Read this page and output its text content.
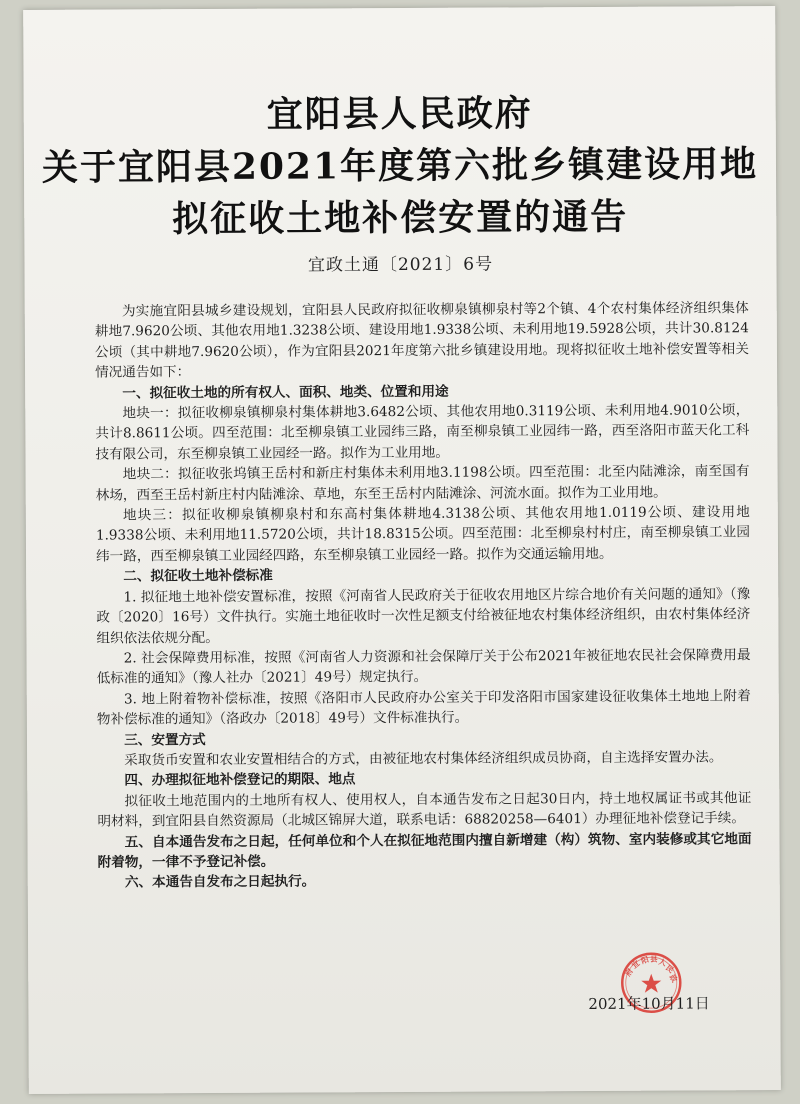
宜阳县人民政府
关于宜阳县2021年度第六批乡镇建设用地
拟征收土地补偿安置的通告
宜政土通〔2021〕6号

为实施宜阳县城乡建设规划，宜阳县人民政府拟征收柳泉镇柳泉村等2个镇、4个农村集体经济组织集体耕地7.9620公顷、其他农用地1.3238公顷、建设用地1.9338公顷、未利用地19.5928公顷，共计30.8124公顷（其中耕地7.9620公顷），作为宜阳县2021年度第六批乡镇建设用地。现将拟征收土地补偿安置等相关情况通告如下：

一、拟征收土地的所有权人、面积、地类、位置和用途

地块一：拟征收柳泉镇柳泉村集体耕地3.6482公顷、其他农用地0.3119公顷、未利用地4.9010公顷，共计8.8611公顷。四至范围：北至柳泉镇工业园纬三路，南至柳泉镇工业园纬一路，西至洛阳市蓝天化工科技有限公司，东至柳泉镇工业园经一路。拟作为工业用地。

地块二：拟征收张坞镇王岳村和新庄村集体未利用地3.1198公顷。四至范围：北至内陆滩涂，南至国有林场，西至王岳村新庄村内陆滩涂、草地，东至王岳村内陆滩涂、河流水面。拟作为工业用地。

地块三：拟征收柳泉镇柳泉村和东高村集体耕地4.3138公顷、其他农用地1.0119公顷、建设用地1.9338公顷、未利用地11.5720公顷，共计18.8315公顷。四至范围：北至柳泉村村庄，南至柳泉镇工业园纬一路，西至柳泉镇工业园经四路，东至柳泉镇工业园经一路。拟作为交通运输用地。

二、拟征收土地补偿标准

1. 拟征地土地补偿安置标准，按照《河南省人民政府关于征收农用地区片综合地价有关问题的通知》（豫政〔2020〕16号）文件执行。实施土地征收时一次性足额支付给被征地农村集体经济组织，由农村集体经济组织依法依规分配。

2. 社会保障费用标准，按照《河南省人力资源和社会保障厅关于公布2021年被征地农民社会保障费用最低标准的通知》（豫人社办〔2021〕49号）规定执行。

3. 地上附着物补偿标准，按照《洛阳市人民政府办公室关于印发洛阳市国家建设征收集体土地地上附着物补偿标准的通知》（洛政办〔2018〕49号）文件标准执行。

三、安置方式

采取货币安置和农业安置相结合的方式，由被征地农村集体经济组织成员协商，自主选择安置办法。

四、办理拟征地补偿登记的期限、地点

拟征收土地范围内的土地所有权人、使用权人，自本通告发布之日起30日内，持土地权属证书或其他证明材料，到宜阳县自然资源局（北城区锦屏大道，联系电话：68820258—6401）办理征地补偿登记手续。

五、自本通告发布之日起，任何单位和个人在拟征地范围内擅自新增建（构）筑物、室内装修或其它地面附着物，一律不予登记补偿。

六、本通告自发布之日起执行。

宜
阳 县 人
民
政
府
2021年10月11日
